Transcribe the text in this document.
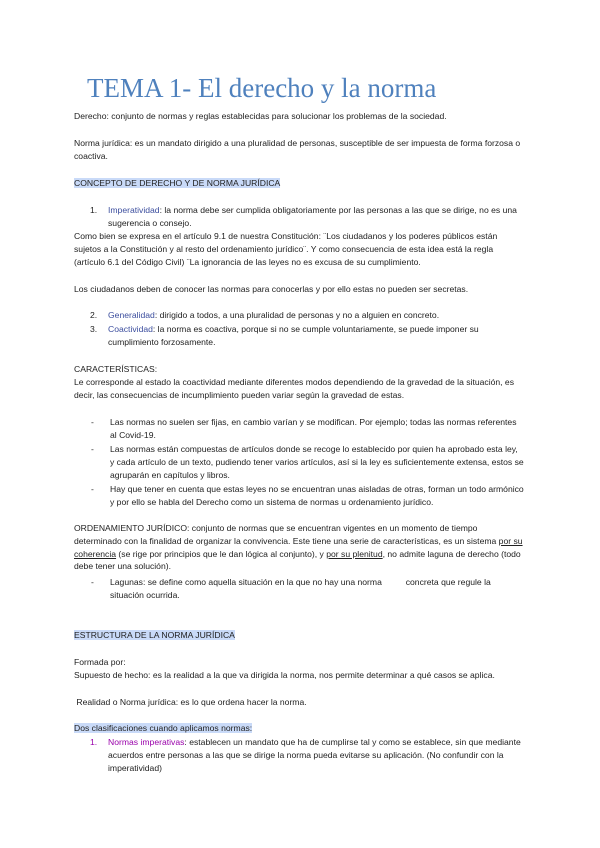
TEMA 1- El derecho y la norma

Derecho: conjunto de normas y reglas establecidas para solucionar los problemas de la sociedad.

Norma jurídica: es un mandato dirigido a una pluralidad de personas, susceptible de ser impuesta de forma forzosa o coactiva.

CONCEPTO DE DERECHO Y DE NORMA JURÍDICA

1. Imperatividad: la norma debe ser cumplida obligatoriamente por las personas a las que se dirige, no es una sugerencia o consejo.

Como bien se expresa en el artículo 9.1 de nuestra Constitución: ¨Los ciudadanos y los poderes públicos están sujetos a la Constitución y al resto del ordenamiento jurídico¨. Y como consecuencia de esta idea está la regla (artículo 6.1 del Código Civil) ¨La ignorancia de las leyes no es excusa de su cumplimiento.

Los ciudadanos deben de conocer las normas para conocerlas y por ello estas no pueden ser secretas.

2. Generalidad: dirigido a todos, a una pluralidad de personas y no a alguien en concreto.
3. Coactividad: la norma es coactiva, porque si no se cumple voluntariamente, se puede imponer su cumplimiento forzosamente.

CARACTERÍSTICAS:

Le corresponde al estado la coactividad mediante diferentes modos dependiendo de la gravedad de la situación, es decir, las consecuencias de incumplimiento pueden variar según la gravedad de estas.

- Las normas no suelen ser fijas, en cambio varían y se modifican. Por ejemplo; todas las normas referentes al Covid-19.
- Las normas están compuestas de artículos donde se recoge lo establecido por quien ha aprobado esta ley, y cada artículo de un texto, pudiendo tener varios artículos, así si la ley es suficientemente extensa, estos se agruparán en capítulos y libros.
- Hay que tener en cuenta que estas leyes no se encuentran unas aisladas de otras, forman un todo armónico y por ello se habla del Derecho como un sistema de normas u ordenamiento jurídico.

ORDENAMIENTO JURÍDICO: conjunto de normas que se encuentran vigentes en un momento de tiempo determinado con la finalidad de organizar la convivencia. Este tiene una serie de características, es un sistema por su coherencia (se rige por principios que le dan lógica al conjunto), y por su plenitud, no admite laguna de derecho (todo debe tener una solución).

- Lagunas: se define como aquella situación en la que no hay una norma          concreta que regule la situación ocurrida.

ESTRUCTURA DE LA NORMA JURÍDICA

Formada por:

Supuesto de hecho: es la realidad a la que va dirigida la norma, nos permite determinar a qué casos se aplica.

Realidad o Norma jurídica: es lo que ordena hacer la norma.

Dos clasificaciones cuando aplicamos normas:

1. Normas imperativas: establecen un mandato que ha de cumplirse tal y como se establece, sin que mediante acuerdos entre personas a las que se dirige la norma pueda evitarse su aplicación. (No confundir con la imperatividad)
